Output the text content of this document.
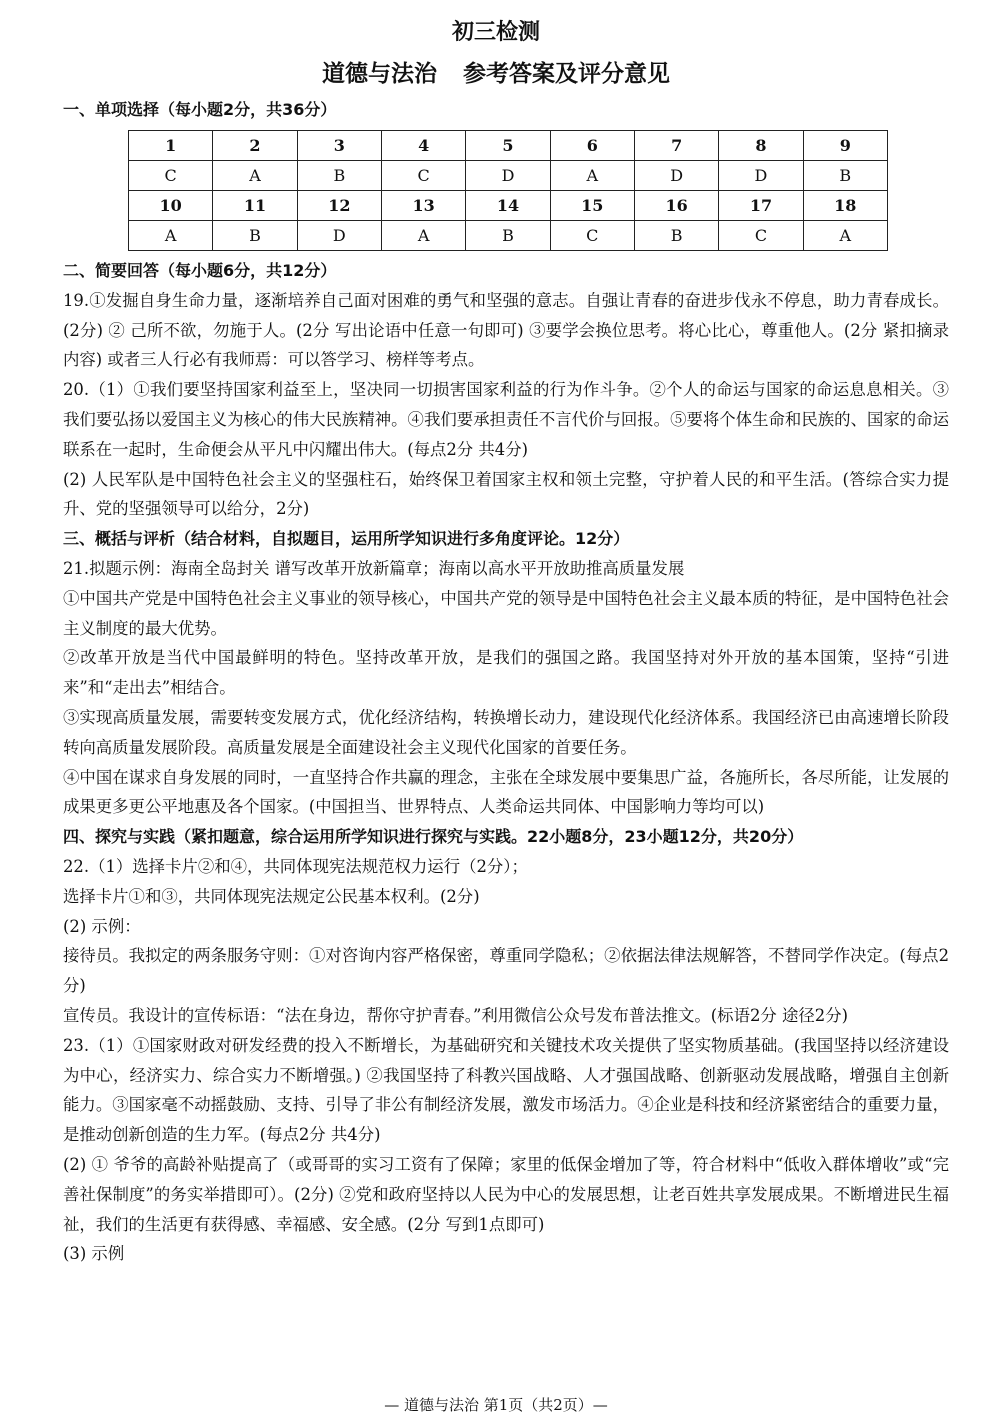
初三检测
道德与法治 参考答案及评分意见
一、单项选择（每小题2分，共36分）
1	2	3	4	5	6	7	8	9
C	A	B	C	D	A	D	D	B
10	11	12	13	14	15	16	17	18
A	B	D	A	B	C	B	C	A

二、简要回答（每小题6分，共12分）

19.①发掘自身生命力量，逐渐培养自己面对困难的勇气和坚强的意志。自强让青春的奋进步伐永不停息，助力青春成长。(2分) ② 己所不欲，勿施于人。(2分 写出论语中任意一句即可) ③要学会换位思考。将心比心，尊重他人。(2分 紧扣摘录内容) 或者三人行必有我师焉：可以答学习、榜样等考点。

20.（1）①我们要坚持国家利益至上，坚决同一切损害国家利益的行为作斗争。②个人的命运与国家的命运息息相关。③我们要弘扬以爱国主义为核心的伟大民族精神。④我们要承担责任不言代价与回报。⑤要将个体生命和民族的、国家的命运联系在一起时，生命便会从平凡中闪耀出伟大。(每点2分 共4分)

(2) 人民军队是中国特色社会主义的坚强柱石，始终保卫着国家主权和领土完整，守护着人民的和平生活。(答综合实力提升、党的坚强领导可以给分，2分)

三、概括与评析（结合材料，自拟题目，运用所学知识进行多角度评论。12分）

21.拟题示例：海南全岛封关 谱写改革开放新篇章；海南以高水平开放助推高质量发展

①中国共产党是中国特色社会主义事业的领导核心，中国共产党的领导是中国特色社会主义最本质的特征，是中国特色社会主义制度的最大优势。

②改革开放是当代中国最鲜明的特色。坚持改革开放，是我们的强国之路。我国坚持对外开放的基本国策，坚持“引进来”和“走出去”相结合。

③实现高质量发展，需要转变发展方式，优化经济结构，转换增长动力，建设现代化经济体系。我国经济已由高速增长阶段转向高质量发展阶段。高质量发展是全面建设社会主义现代化国家的首要任务。

④中国在谋求自身发展的同时，一直坚持合作共赢的理念，主张在全球发展中要集思广益，各施所长，各尽所能，让发展的成果更多更公平地惠及各个国家。(中国担当、世界特点、人类命运共同体、中国影响力等均可以)

四、探究与实践（紧扣题意，综合运用所学知识进行探究与实践。22小题8分，23小题12分，共20分）

22.（1）选择卡片②和④，共同体现宪法规范权力运行（2分）；

选择卡片①和③，共同体现宪法规定公民基本权利。(2分)

(2) 示例：

接待员。我拟定的两条服务守则：①对咨询内容严格保密，尊重同学隐私；②依据法律法规解答，不替同学作决定。(每点2分)

宣传员。我设计的宣传标语：“法在身边，帮你守护青春。”利用微信公众号发布普法推文。(标语2分 途径2分)

23.（1）①国家财政对研发经费的投入不断增长，为基础研究和关键技术攻关提供了坚实物质基础。(我国坚持以经济建设为中心，经济实力、综合实力不断增强。) ②我国坚持了科教兴国战略、人才强国战略、创新驱动发展战略，增强自主创新能力。③国家毫不动摇鼓励、支持、引导了非公有制经济发展，激发市场活力。④企业是科技和经济紧密结合的重要力量，是推动创新创造的生力军。(每点2分 共4分)

(2) ① 爷爷的高龄补贴提高了（或哥哥的实习工资有了保障；家里的低保金增加了等，符合材料中“低收入群体增收”或“完善社保制度”的务实举措即可）。(2分) ②党和政府坚持以人民为中心的发展思想，让老百姓共享发展成果。不断增进民生福祉，我们的生活更有获得感、幸福感、安全感。(2分 写到1点即可)

(3) 示例

— 道德与法治 第1页（共2页）—
